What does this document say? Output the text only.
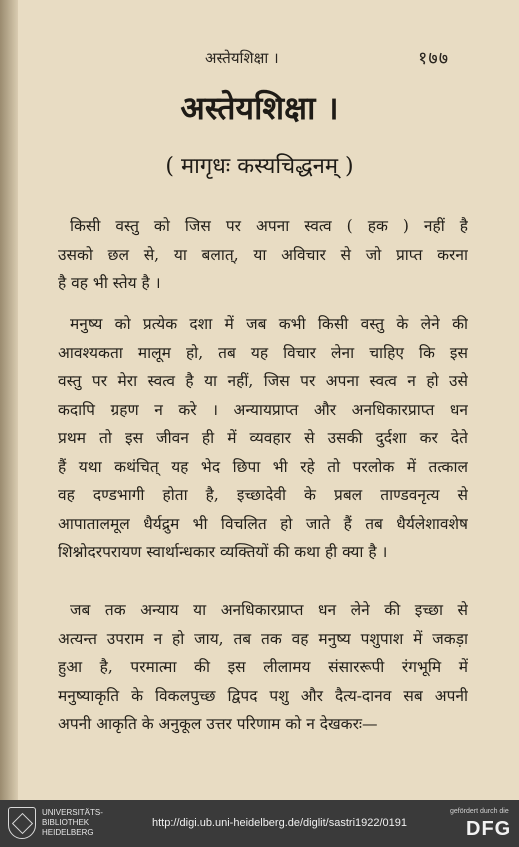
अस्तेयशिक्षा ।	१७७
अस्तेयशिक्षा ।
( मागृधः कस्यचिद्धनम् )
किसी वस्तु को जिस पर अपना स्वत्व ( हक ) नहीं है
उसको छल से, या बलात्, या अविचार से जो प्राप्त करना
है वह भी स्तेय है ।
मनुष्य को प्रत्येक दशा में जब कभी किसी वस्तु के लेने की
आवश्यकता मालूम हो, तब यह विचार लेना चाहिए कि इस
वस्तु पर मेरा स्वत्व है या नहीं, जिस पर अपना स्वत्व न हो उसे
कदापि ग्रहण न करे । अन्यायप्राप्त और अनधिकारप्राप्त धन
प्रथम तो इस जीवन ही में व्यवहार से उसकी दुर्दशा कर देते
हैं यथा कथंचित् यह भेद छिपा भी रहे तो परलोक में तत्काल
वह दण्डभागी होता है, इच्छादेवी के प्रबल ताण्डवनृत्य से
आपातालमूल धैर्यद्रुम भी विचलित हो जाते हैं तब धैर्यलेशावशेष
शिश्नोदरपरायण स्वार्थान्धकार व्यक्तियों की कथा ही क्या है ।
जब तक अन्याय या अनधिकारप्राप्त धन लेने की इच्छा से
अत्यन्त उपराम न हो जाय, तब तक वह मनुष्य पशुपाश में जकड़ा
हुआ है, परमात्मा की इस लीलामय संसाररूपी रंगभूमि में
मनुष्याकृति के विकलपुच्छ द्विपद पशु और दैत्य-दानव सब अपनी
अपनी आकृति के अनुकूल उत्तर परिणाम को न देखकरः—
UNIVERSITÄTS-
BIBLIOTHEK
HEIDELBERG
http://digi.ub.uni-heidelberg.de/diglit/sastri1922/0191
gefördert durch die
DFG
